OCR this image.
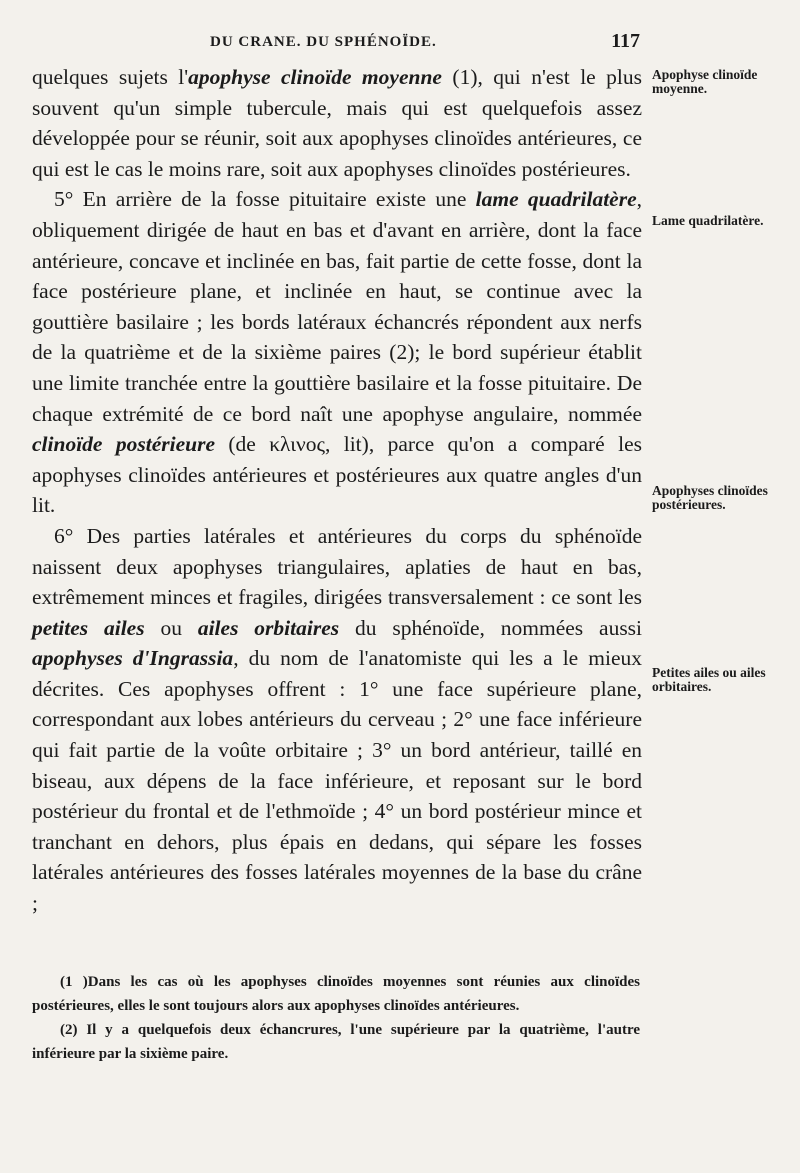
DU CRANE. DU SPHÉNOÏDE.	117

quelques sujets l'apophyse clinoïde moyenne (1), qui n'est le plus souvent qu'un simple tubercule, mais qui est quelquefois assez développée pour se réunir, soit aux apophyses clinoïdes antérieures, ce qui est le cas le moins rare, soit aux apophyses clinoïdes postérieures.

5° En arrière de la fosse pituitaire existe une lame quadrilatère, obliquement dirigée de haut en bas et d'avant en arrière, dont la face antérieure, concave et inclinée en bas, fait partie de cette fosse, dont la face postérieure plane, et inclinée en haut, se continue avec la gouttière basilaire ; les bords latéraux échancrés répondent aux nerfs de la quatrième et de la sixième paires (2); le bord supérieur établit une limite tranchée entre la gouttière basilaire et la fosse pituitaire. De chaque extrémité de ce bord naît une apophyse angulaire, nommée clinoïde postérieure (de κλινος, lit), parce qu'on a comparé les apophyses clinoïdes antérieures et postérieures aux quatre angles d'un lit.

6° Des parties latérales et antérieures du corps du sphénoïde naissent deux apophyses triangulaires, aplaties de haut en bas, extrêmement minces et fragiles, dirigées transversalement : ce sont les petites ailes ou ailes orbitaires du sphénoïde, nommées aussi apophyses d'Ingrassia, du nom de l'anatomiste qui les a le mieux décrites. Ces apophyses offrent : 1° une face supérieure plane, correspondant aux lobes antérieurs du cerveau ; 2° une face inférieure qui fait partie de la voûte orbitaire ; 3° un bord antérieur, taillé en biseau, aux dépens de la face inférieure, et reposant sur le bord postérieur du frontal et de l'ethmoïde ; 4° un bord postérieur mince et tranchant en dehors, plus épais en dedans, qui sépare les fosses latérales antérieures des fosses latérales moyennes de la base du crâne ;

Apophyse clinoïde moyenne.
Lame quadrilatère.
Apophyses clinoïdes postérieures.
Petites ailes ou ailes orbitaires.

(1 )Dans les cas où les apophyses clinoïdes moyennes sont réunies aux clinoïdes postérieures, elles le sont toujours alors aux apophyses clinoïdes antérieures.

(2) Il y a quelquefois deux échancrures, l'une supérieure par la quatrième, l'autre inférieure par la sixième paire.
